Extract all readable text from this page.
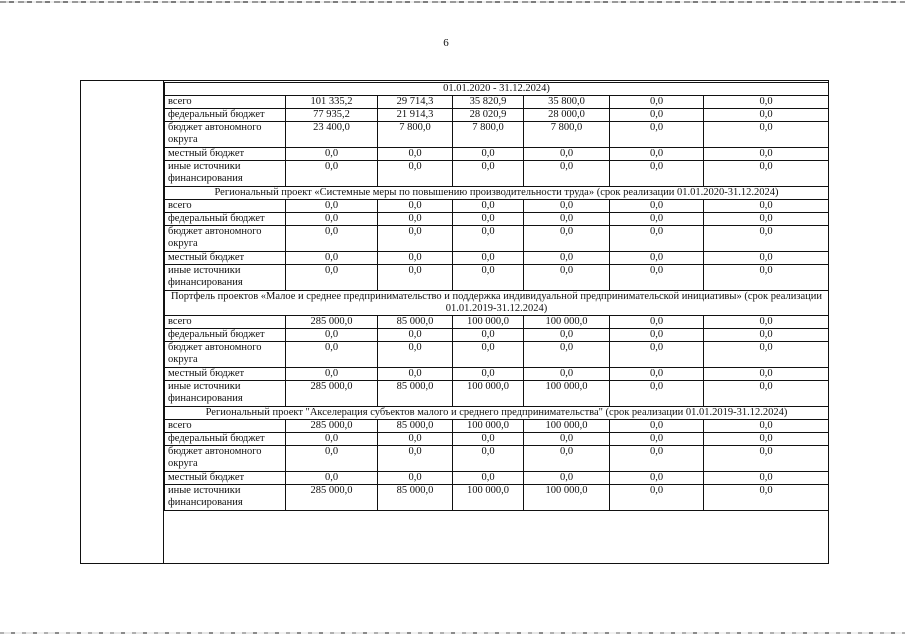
6
01.01.2020 - 31.12.2024)						
всего	101 335,2	29 714,3	35 820,9	35 800,0	0,0	0,0
федеральный бюджет	77 935,2	21 914,3	28 020,9	28 000,0	0,0	0,0
бюджет автономного округа	23 400,0	7 800,0	7 800,0	7 800,0	0,0	0,0
местный бюджет	0,0	0,0	0,0	0,0	0,0	0,0
иные источники финансирования	0,0	0,0	0,0	0,0	0,0	0,0
Региональный проект «Системные меры по повышению производительности труда» (срок реализации 01.01.2020-31.12.2024)						
всего	0,0	0,0	0,0	0,0	0,0	0,0
федеральный бюджет	0,0	0,0	0,0	0,0	0,0	0,0
бюджет автономного округа	0,0	0,0	0,0	0,0	0,0	0,0
местный бюджет	0,0	0,0	0,0	0,0	0,0	0,0
иные источники финансирования	0,0	0,0	0,0	0,0	0,0	0,0
Портфель проектов «Малое и среднее предпринимательство и поддержка индивидуальной предпринимательской инициативы» (срок реализации 01.01.2019-31.12.2024)						
всего	285 000,0	85 000,0	100 000,0	100 000,0	0,0	0,0
федеральный бюджет	0,0	0,0	0,0	0,0	0,0	0,0
бюджет автономного округа	0,0	0,0	0,0	0,0	0,0	0,0
местный бюджет	0,0	0,0	0,0	0,0	0,0	0,0
иные источники финансирования	285 000,0	85 000,0	100 000,0	100 000,0	0,0	0,0
Региональный проект "Акселерация субъектов малого и среднего предпринимательства" (срок реализации 01.01.2019-31.12.2024)						
всего	285 000,0	85 000,0	100 000,0	100 000,0	0,0	0,0
федеральный бюджет	0,0	0,0	0,0	0,0	0,0	0,0
бюджет автономного округа	0,0	0,0	0,0	0,0	0,0	0,0
местный бюджет	0,0	0,0	0,0	0,0	0,0	0,0
иные источники финансирования	285 000,0	85 000,0	100 000,0	100 000,0	0,0	0,0
